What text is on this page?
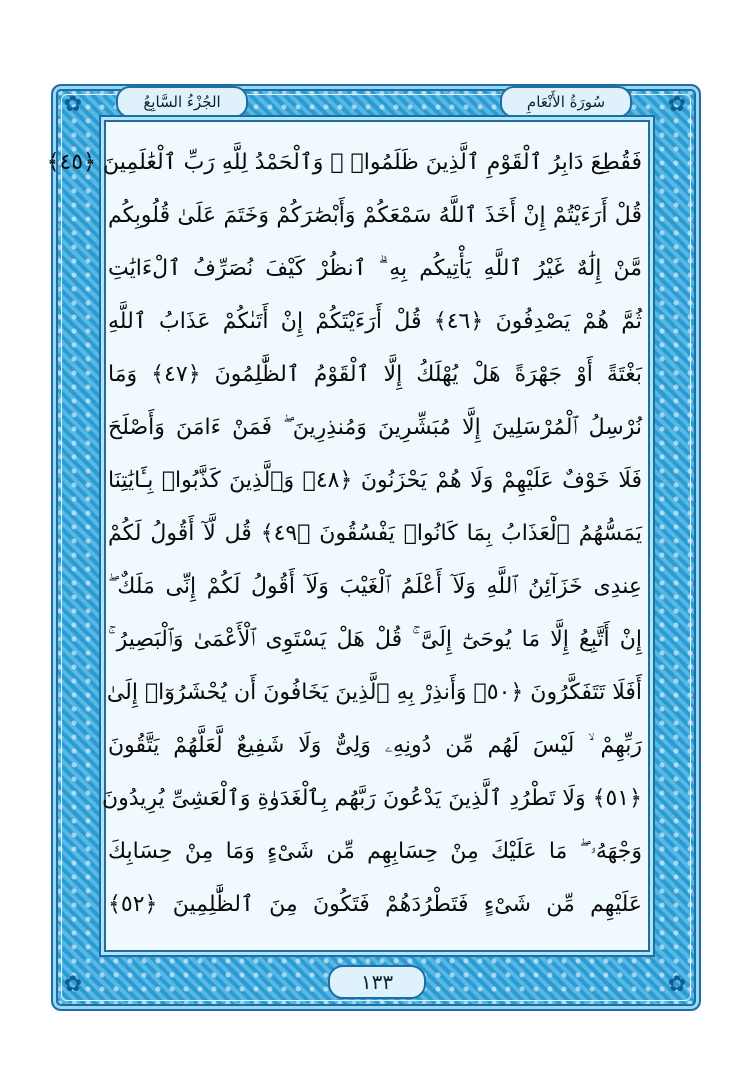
✿	✿
✿	✿
الجُزْءُ السَّابِعُ	سُورَةُ الأَنْعَامِ
فَقُطِعَ دَابِرُ ٱلْقَوْمِ ٱلَّذِينَ ظَلَمُوا۟ ۚ وَٱلْحَمْدُ لِلَّهِ رَبِّ ٱلْعَٰلَمِينَ ﴿٤٥﴾
قُلْ أَرَءَيْتُمْ إِنْ أَخَذَ ٱللَّهُ سَمْعَكُمْ وَأَبْصَٰرَكُمْ وَخَتَمَ عَلَىٰ قُلُوبِكُم
مَّنْ إِلَٰهٌ غَيْرُ ٱللَّهِ يَأْتِيكُم بِهِ ۗ ٱنظُرْ كَيْفَ نُصَرِّفُ ٱلْءَايَٰتِ
ثُمَّ هُمْ يَصْدِفُونَ ﴿٤٦﴾ قُلْ أَرَءَيْتَكُمْ إِنْ أَتَىٰكُمْ عَذَابُ ٱللَّهِ
بَغْتَةً أَوْ جَهْرَةً هَلْ يُهْلَكُ إِلَّا ٱلْقَوْمُ ٱلظَّٰلِمُونَ ﴿٤٧﴾ وَمَا
نُرْسِلُ ٱلْمُرْسَلِينَ إِلَّا مُبَشِّرِينَ وَمُنذِرِينَ ۖ فَمَنْ ءَامَنَ وَأَصْلَحَ
فَلَا خَوْفٌ عَلَيْهِمْ وَلَا هُمْ يَحْزَنُونَ ﴿٤٨﴾ وَٱلَّذِينَ كَذَّبُوا۟ بِـَٔايَٰتِنَا
يَمَسُّهُمُ ٱلْعَذَابُ بِمَا كَانُوا۟ يَفْسُقُونَ ﴿٤٩﴾ قُل لَّآ أَقُولُ لَكُمْ
عِندِى خَزَآئِنُ ٱللَّهِ وَلَآ أَعْلَمُ ٱلْغَيْبَ وَلَآ أَقُولُ لَكُمْ إِنِّى مَلَكٌ ۖ
إِنْ أَتَّبِعُ إِلَّا مَا يُوحَىٰٓ إِلَىَّ ۚ قُلْ هَلْ يَسْتَوِى ٱلْأَعْمَىٰ وَٱلْبَصِيرُ ۚ
أَفَلَا تَتَفَكَّرُونَ ﴿٥٠﴾ وَأَنذِرْ بِهِ ٱلَّذِينَ يَخَافُونَ أَن يُحْشَرُوٓا۟ إِلَىٰ
رَبِّهِمْ ۙ لَيْسَ لَهُم مِّن دُونِهِۦ وَلِىٌّ وَلَا شَفِيعٌ لَّعَلَّهُمْ يَتَّقُونَ
﴿٥١﴾ وَلَا تَطْرُدِ ٱلَّذِينَ يَدْعُونَ رَبَّهُم بِٱلْغَدَوٰةِ وَٱلْعَشِىِّ يُرِيدُونَ
وَجْهَهُۥ ۖ مَا عَلَيْكَ مِنْ حِسَابِهِم مِّن شَىْءٍ وَمَا مِنْ حِسَابِكَ
عَلَيْهِم مِّن شَىْءٍ فَتَطْرُدَهُمْ فَتَكُونَ مِنَ ٱلظَّٰلِمِينَ ﴿٥٢﴾
١٣٣
